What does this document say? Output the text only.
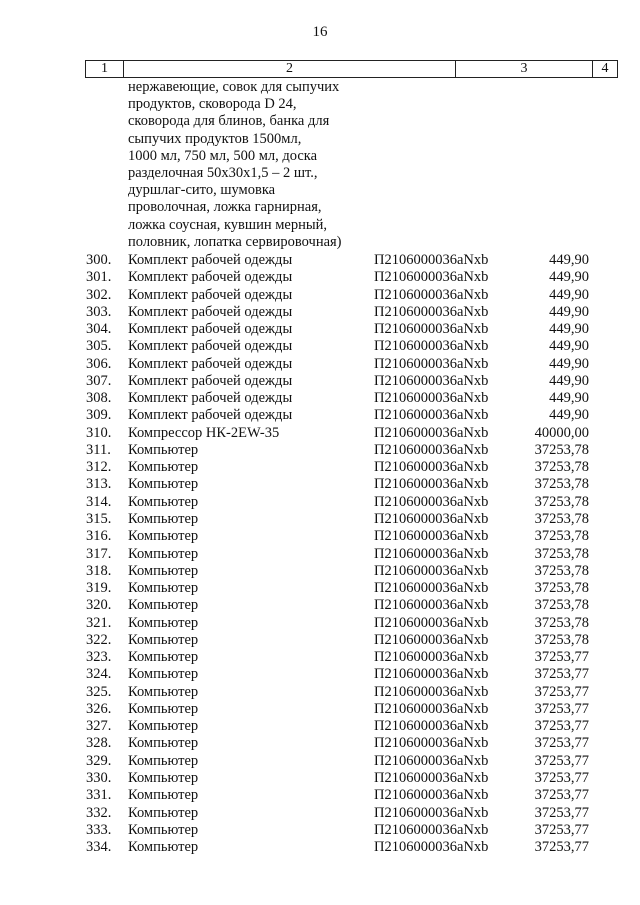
16
1	2	3	4
нержавеющие, совок для сыпучих
продуктов, сковорода D 24,
сковорода для блинов, банка для
сыпучих продуктов 1500мл,
1000 мл, 750 мл, 500 мл, доска
разделочная 50х30х1,5 – 2 шт.,
дуршлаг-сито, шумовка
проволочная, ложка гарнирная,
ложка соусная, кувшин мерный,
половник, лопатка сервировочная)
300. Комплект рабочей одежды	П2106000036аNxb	449,90
301. Комплект рабочей одежды	П2106000036аNxb	449,90
302. Комплект рабочей одежды	П2106000036аNxb	449,90
303. Комплект рабочей одежды	П2106000036аNxb	449,90
304. Комплект рабочей одежды	П2106000036аNxb	449,90
305. Комплект рабочей одежды	П2106000036аNxb	449,90
306. Комплект рабочей одежды	П2106000036аNxb	449,90
307. Комплект рабочей одежды	П2106000036аNxb	449,90
308. Комплект рабочей одежды	П2106000036аNxb	449,90
309. Комплект рабочей одежды	П2106000036аNxb	449,90
310. Компрессор НК-2EW-35	П2106000036аNxb	40000,00
311. Компьютер	П2106000036аNxb	37253,78
312. Компьютер	П2106000036аNxb	37253,78
313. Компьютер	П2106000036аNxb	37253,78
314. Компьютер	П2106000036аNxb	37253,78
315. Компьютер	П2106000036аNxb	37253,78
316. Компьютер	П2106000036аNxb	37253,78
317. Компьютер	П2106000036аNxb	37253,78
318. Компьютер	П2106000036аNxb	37253,78
319. Компьютер	П2106000036аNxb	37253,78
320. Компьютер	П2106000036аNxb	37253,78
321. Компьютер	П2106000036аNxb	37253,78
322. Компьютер	П2106000036аNxb	37253,78
323. Компьютер	П2106000036аNxb	37253,77
324. Компьютер	П2106000036аNxb	37253,77
325. Компьютер	П2106000036аNxb	37253,77
326. Компьютер	П2106000036аNxb	37253,77
327. Компьютер	П2106000036аNxb	37253,77
328. Компьютер	П2106000036аNxb	37253,77
329. Компьютер	П2106000036аNxb	37253,77
330. Компьютер	П2106000036аNxb	37253,77
331. Компьютер	П2106000036аNxb	37253,77
332. Компьютер	П2106000036аNxb	37253,77
333. Компьютер	П2106000036аNxb	37253,77
334. Компьютер	П2106000036аNxb	37253,77
